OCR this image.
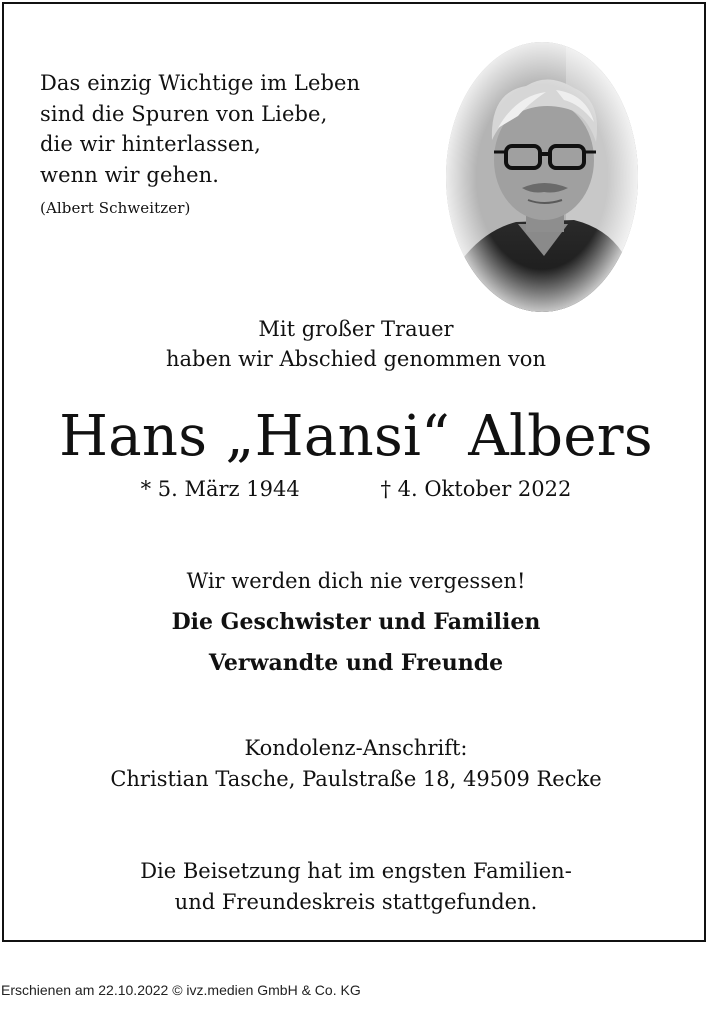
Das einzig Wichtige im Leben
sind die Spuren von Liebe,
die wir hinterlassen,
wenn wir gehen.
(Albert Schweitzer)
Mit großer Trauer
haben wir Abschied genommen von
Hans „Hansi“ Albers
* 5. März 1944	† 4. Oktober 2022
Wir werden dich nie vergessen!
Die Geschwister und Familien
Verwandte und Freunde
Kondolenz-Anschrift:
Christian Tasche, Paulstraße 18, 49509 Recke
Die Beisetzung hat im engsten Familien-
und Freundeskreis stattgefunden.
Erschienen am 22.10.2022 © ivz.medien GmbH & Co. KG
